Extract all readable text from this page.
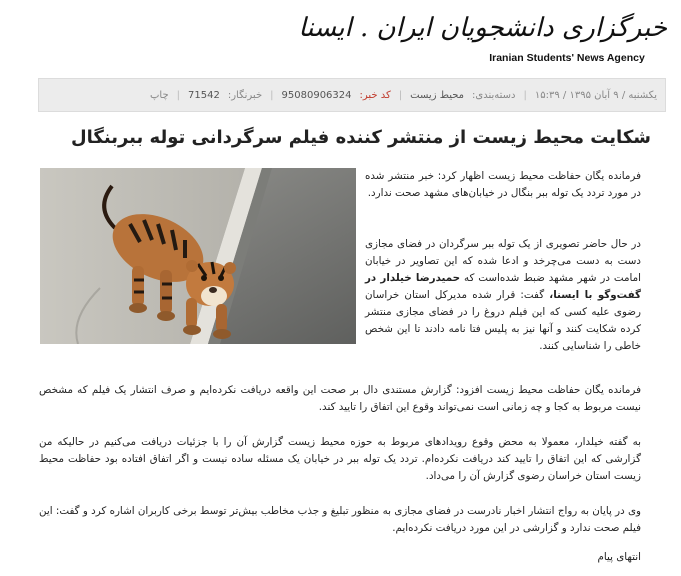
خبرگزاری دانشجویان ایران . ایسنا
Iranian Students' News Agency
یکشنبه / ۹ آبان ۱۳۹۵ / ۱۵:۳۹
|
دسته‌بندی:
محیط زیست
|
کد خبر:
95080906324
|
خبرنگار:
71542
|
چاپ
شکایت محیط زیست از منتشر کننده فیلم سرگردانی توله ببربنگال

فرمانده یگان حفاظت محیط زیست اظهار کرد: خبر منتشر شده در مورد تردد یک توله ببر بنگال در خیابان‌های مشهد صحت ندارد.

در حال حاضر تصویری از یک توله ببر سرگردان در فضای مجازی دست به دست می‌چرخد و ادعا شده که این تصاویر در خیابان امامت در شهر مشهد ضبط شده‌است که حمیدرضا خیلدار در گفت‌وگو با ایسنا، گفت: قرار شده مدیرکل استان خراسان رضوی علیه کسی که این فیلم دروغ را در فضای مجازی منتشر کرده شکایت کنند و آنها نیز به پلیس فتا نامه دادند تا این شخص خاطی را شناسایی کنند.

فرمانده یگان حفاظت محیط زیست افزود: گزارش مستندی دال بر صحت این واقعه دریافت نکرده‌ایم و صرف انتشار یک فیلم که مشخص نیست مربوط به کجا و چه زمانی است نمی‌تواند وقوع این اتفاق را تایید کند.

به گفته خیلدار، معمولا به محض وقوع رویدادهای مربوط به حوزه محیط زیست گزارش آن را با جزئیات دریافت می‌کنیم در حالیکه من گزارشی که این اتفاق را تایید کند دریافت نکرده‌ام. تردد یک توله ببر در خیابان یک مسئله ساده نیست و اگر اتفاق افتاده بود حفاظت محیط زیست استان خراسان رضوی گزارش آن را می‌داد.

وی در پایان به رواج انتشار اخبار نادرست در فضای مجازی به منظور تبلیغ و جذب مخاطب بیش‌تر توسط برخی کاربران اشاره کرد و گفت: این فیلم صحت ندارد و گزارشی در این مورد دریافت نکرده‌ایم.

انتهای پیام
